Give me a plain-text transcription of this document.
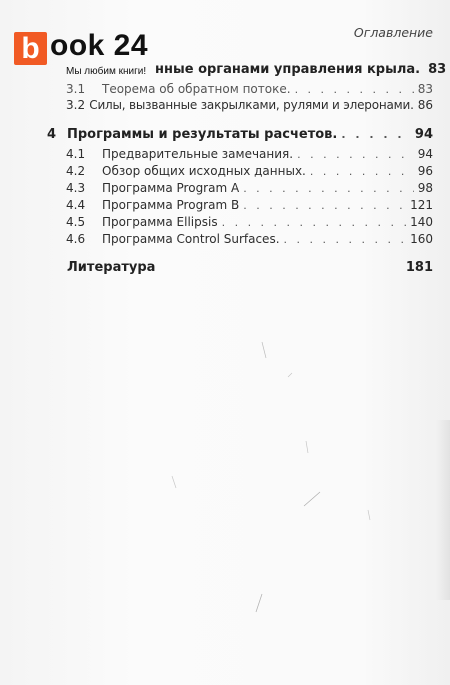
Оглавление
b ook 24
Мы любим книги! нные органами управления крыла. 83
3.1	Теорема об обратном потоке. . . .	83
3.2 Силы, вызванные закрылками, рулями и элеронами. 86
4 Программы и результаты расчетов. . . .	94
4.1	Предварительные замечания. . . .	94
4.2	Обзор общих исходных данных. . . .	96
4.3	Программа Program A . . .	98
4.4	Программа Program B . . .	121
4.5	Программа Ellipsis . . .	140
4.6	Программа Control Surfaces. . . .	160
Литература	181
